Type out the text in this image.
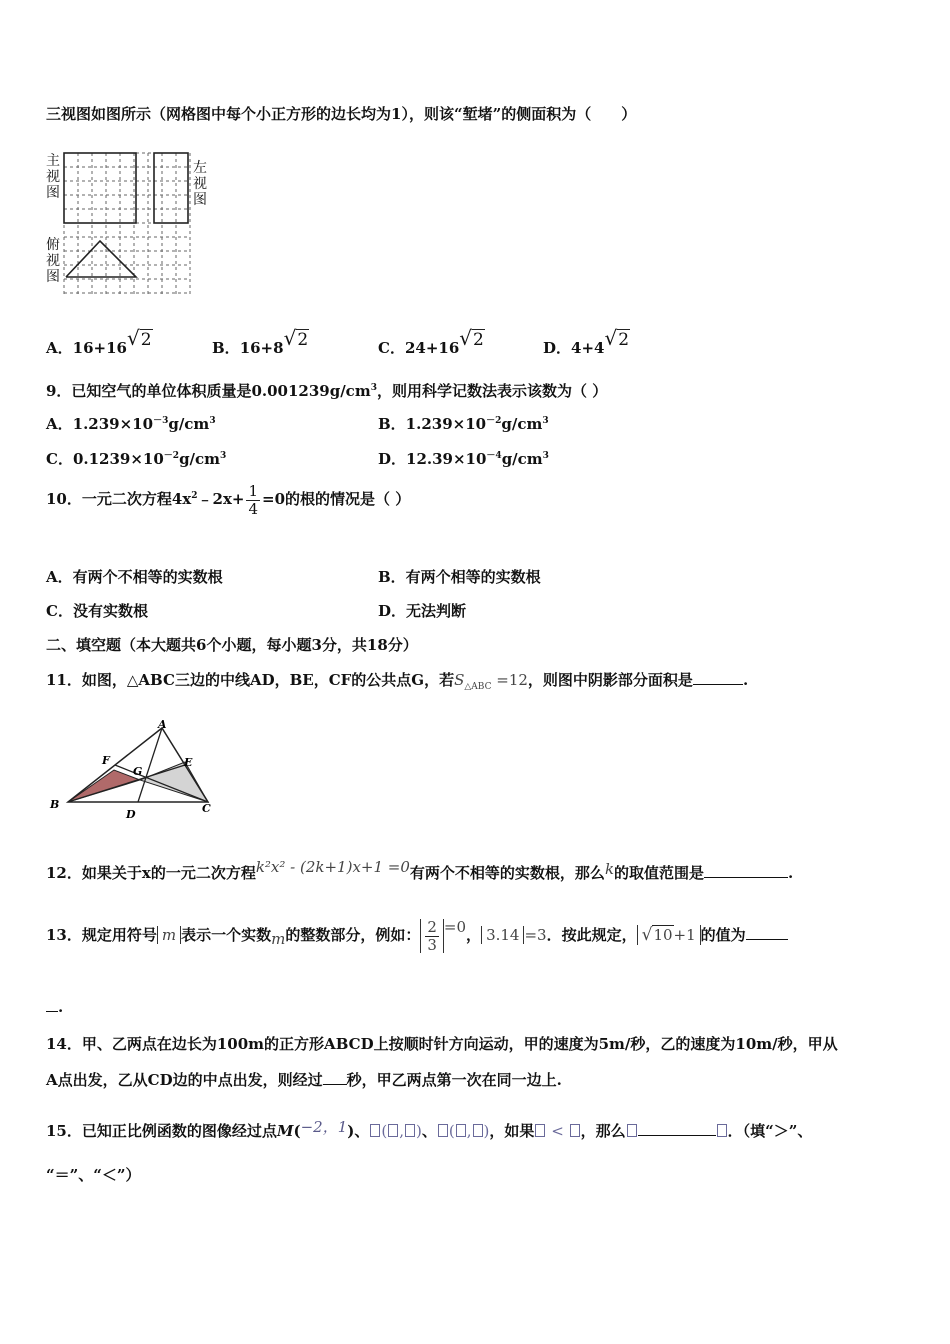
三视图如图所示（网格图中每个小正方形的边长均为1），则该“堑堵”的侧面积为（　　）
主视图
左视图
俯视图
A．16+16√2	B．16+8√2	C．24+16√2	D．4+4√2
9．已知空气的单位体积质量是$0.001239g/cm^3$，则用科学记数法表示该数为（ ）
A．$1.239\times 10^{-3}g/cm^3$	B．$1.239\times 10^{-2}g/cm^3$
C．$0.1239\times 10^{-2}g/cm^3$	D．$12.39\times 10^{-4}g/cm^3$
10．一元二次方程$4x^2﹣2x+ \frac{1}{4} =0$的根的情况是（ ）
A．有两个不相等的实数根	B．有两个相等的实数根
C．没有实数根	D．无法判断
二、填空题（本大题共6个小题，每小题3分，共18分）
11．如图，△ABC三边的中线AD，BE，CF的公共点G，若$S_{\triangle ABC} =12$，则图中阴影部分面积是	.
A
F
G
E
B
D	C
12．如果关于x的一元二次方程k²x² - (2k+1)x+1 =0有两个不相等的实数根，那么k的取值范围是	.
13．规定用符号 m 表示一个实数m的整数部分，例如： $\frac{2}{3} =0$， 3.14 =3．按此规定， √10+1 的值为
.
14．甲、乙两点在边长为100m的正方形ABCD上按顺时针方向运动，甲的速度为5m/秒，乙的速度为10m/秒，甲从
A点出发，乙从CD边的中点出发，则经过 秒，甲乙两点第一次在同一边上.
15．已知正比例函数的图像经过点M(−2，1)、 ( , )、 ( , )，如果 < ，那么	．（填“＞”、
“＝”、“＜”）
